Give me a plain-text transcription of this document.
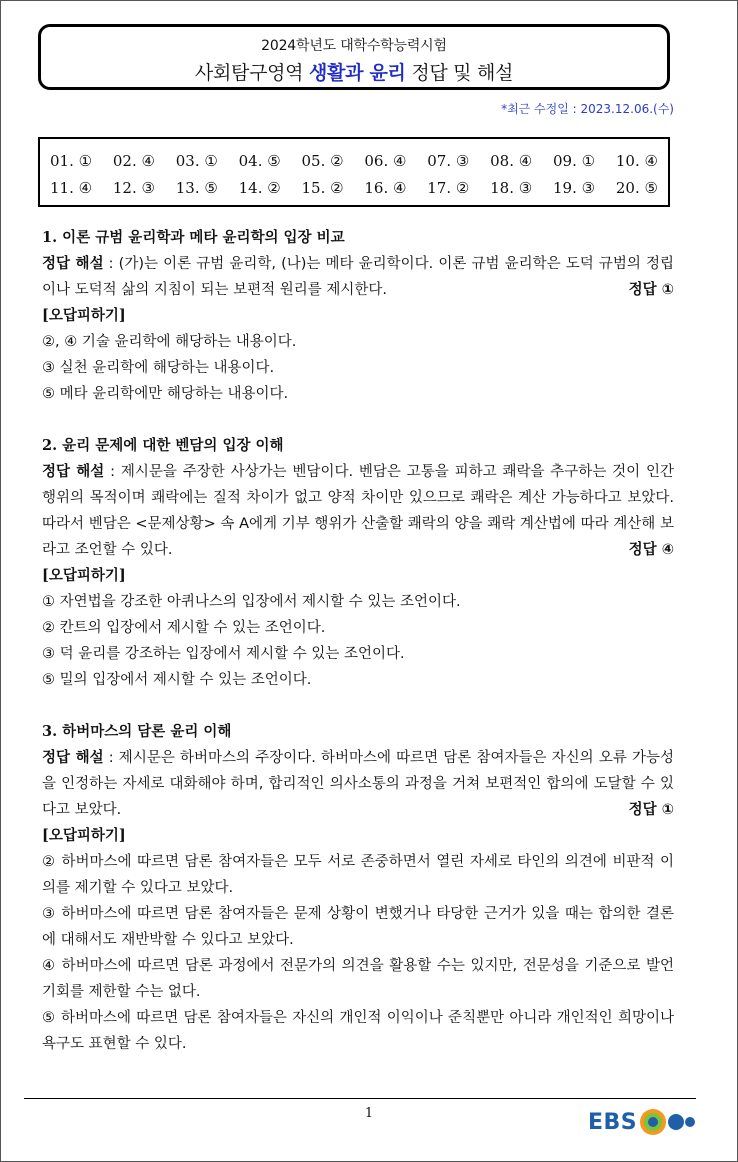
2024학년도 대학수학능력시험
사회탐구영역 생활과 윤리 정답 및 해설
*최근 수정일 : 2023.12.06.(수)
01. ① 02. ④ 03. ① 04. ⑤ 05. ② 06. ④ 07. ③ 08. ④ 09. ① 10. ④
11. ④ 12. ③ 13. ⑤ 14. ② 15. ② 16. ④ 17. ② 18. ③ 19. ③ 20. ⑤
1. 이론 규범 윤리학과 메타 윤리학의 입장 비교
정답 해설 : (가)는 이론 규범 윤리학, (나)는 메타 윤리학이다. 이론 규범 윤리학은 도덕 규범의 정립이나 도덕적 삶의 지침이 되는 보편적 원리를 제시한다.	정답 ①
[오답피하기]
②, ④ 기술 윤리학에 해당하는 내용이다.
③ 실천 윤리학에 해당하는 내용이다.
⑤ 메타 윤리학에만 해당하는 내용이다.
2. 윤리 문제에 대한 벤담의 입장 이해
정답 해설 : 제시문을 주장한 사상가는 벤담이다. 벤담은 고통을 피하고 쾌락을 추구하는 것이 인간 행위의 목적이며 쾌락에는 질적 차이가 없고 양적 차이만 있으므로 쾌락은 계산 가능하다고 보았다. 따라서 벤담은 <문제상황> 속 A에게 기부 행위가 산출할 쾌락의 양을 쾌락 계산법에 따라 계산해 보라고 조언할 수 있다.	정답 ④
[오답피하기]
① 자연법을 강조한 아퀴나스의 입장에서 제시할 수 있는 조언이다.
② 칸트의 입장에서 제시할 수 있는 조언이다.
③ 덕 윤리를 강조하는 입장에서 제시할 수 있는 조언이다.
⑤ 밀의 입장에서 제시할 수 있는 조언이다.
3. 하버마스의 담론 윤리 이해
정답 해설 : 제시문은 하버마스의 주장이다. 하버마스에 따르면 담론 참여자들은 자신의 오류 가능성을 인정하는 자세로 대화해야 하며, 합리적인 의사소통의 과정을 거쳐 보편적인 합의에 도달할 수 있다고 보았다.	정답 ①
[오답피하기]
② 하버마스에 따르면 담론 참여자들은 모두 서로 존중하면서 열린 자세로 타인의 의견에 비판적 이의를 제기할 수 있다고 보았다.
③ 하버마스에 따르면 담론 참여자들은 문제 상황이 변했거나 타당한 근거가 있을 때는 합의한 결론에 대해서도 재반박할 수 있다고 보았다.
④ 하버마스에 따르면 담론 과정에서 전문가의 의견을 활용할 수는 있지만, 전문성을 기준으로 발언 기회를 제한할 수는 없다.
⑤ 하버마스에 따르면 담론 참여자들은 자신의 개인적 이익이나 준칙뿐만 아니라 개인적인 희망이나 욕구도 표현할 수 있다.
1	EBS
